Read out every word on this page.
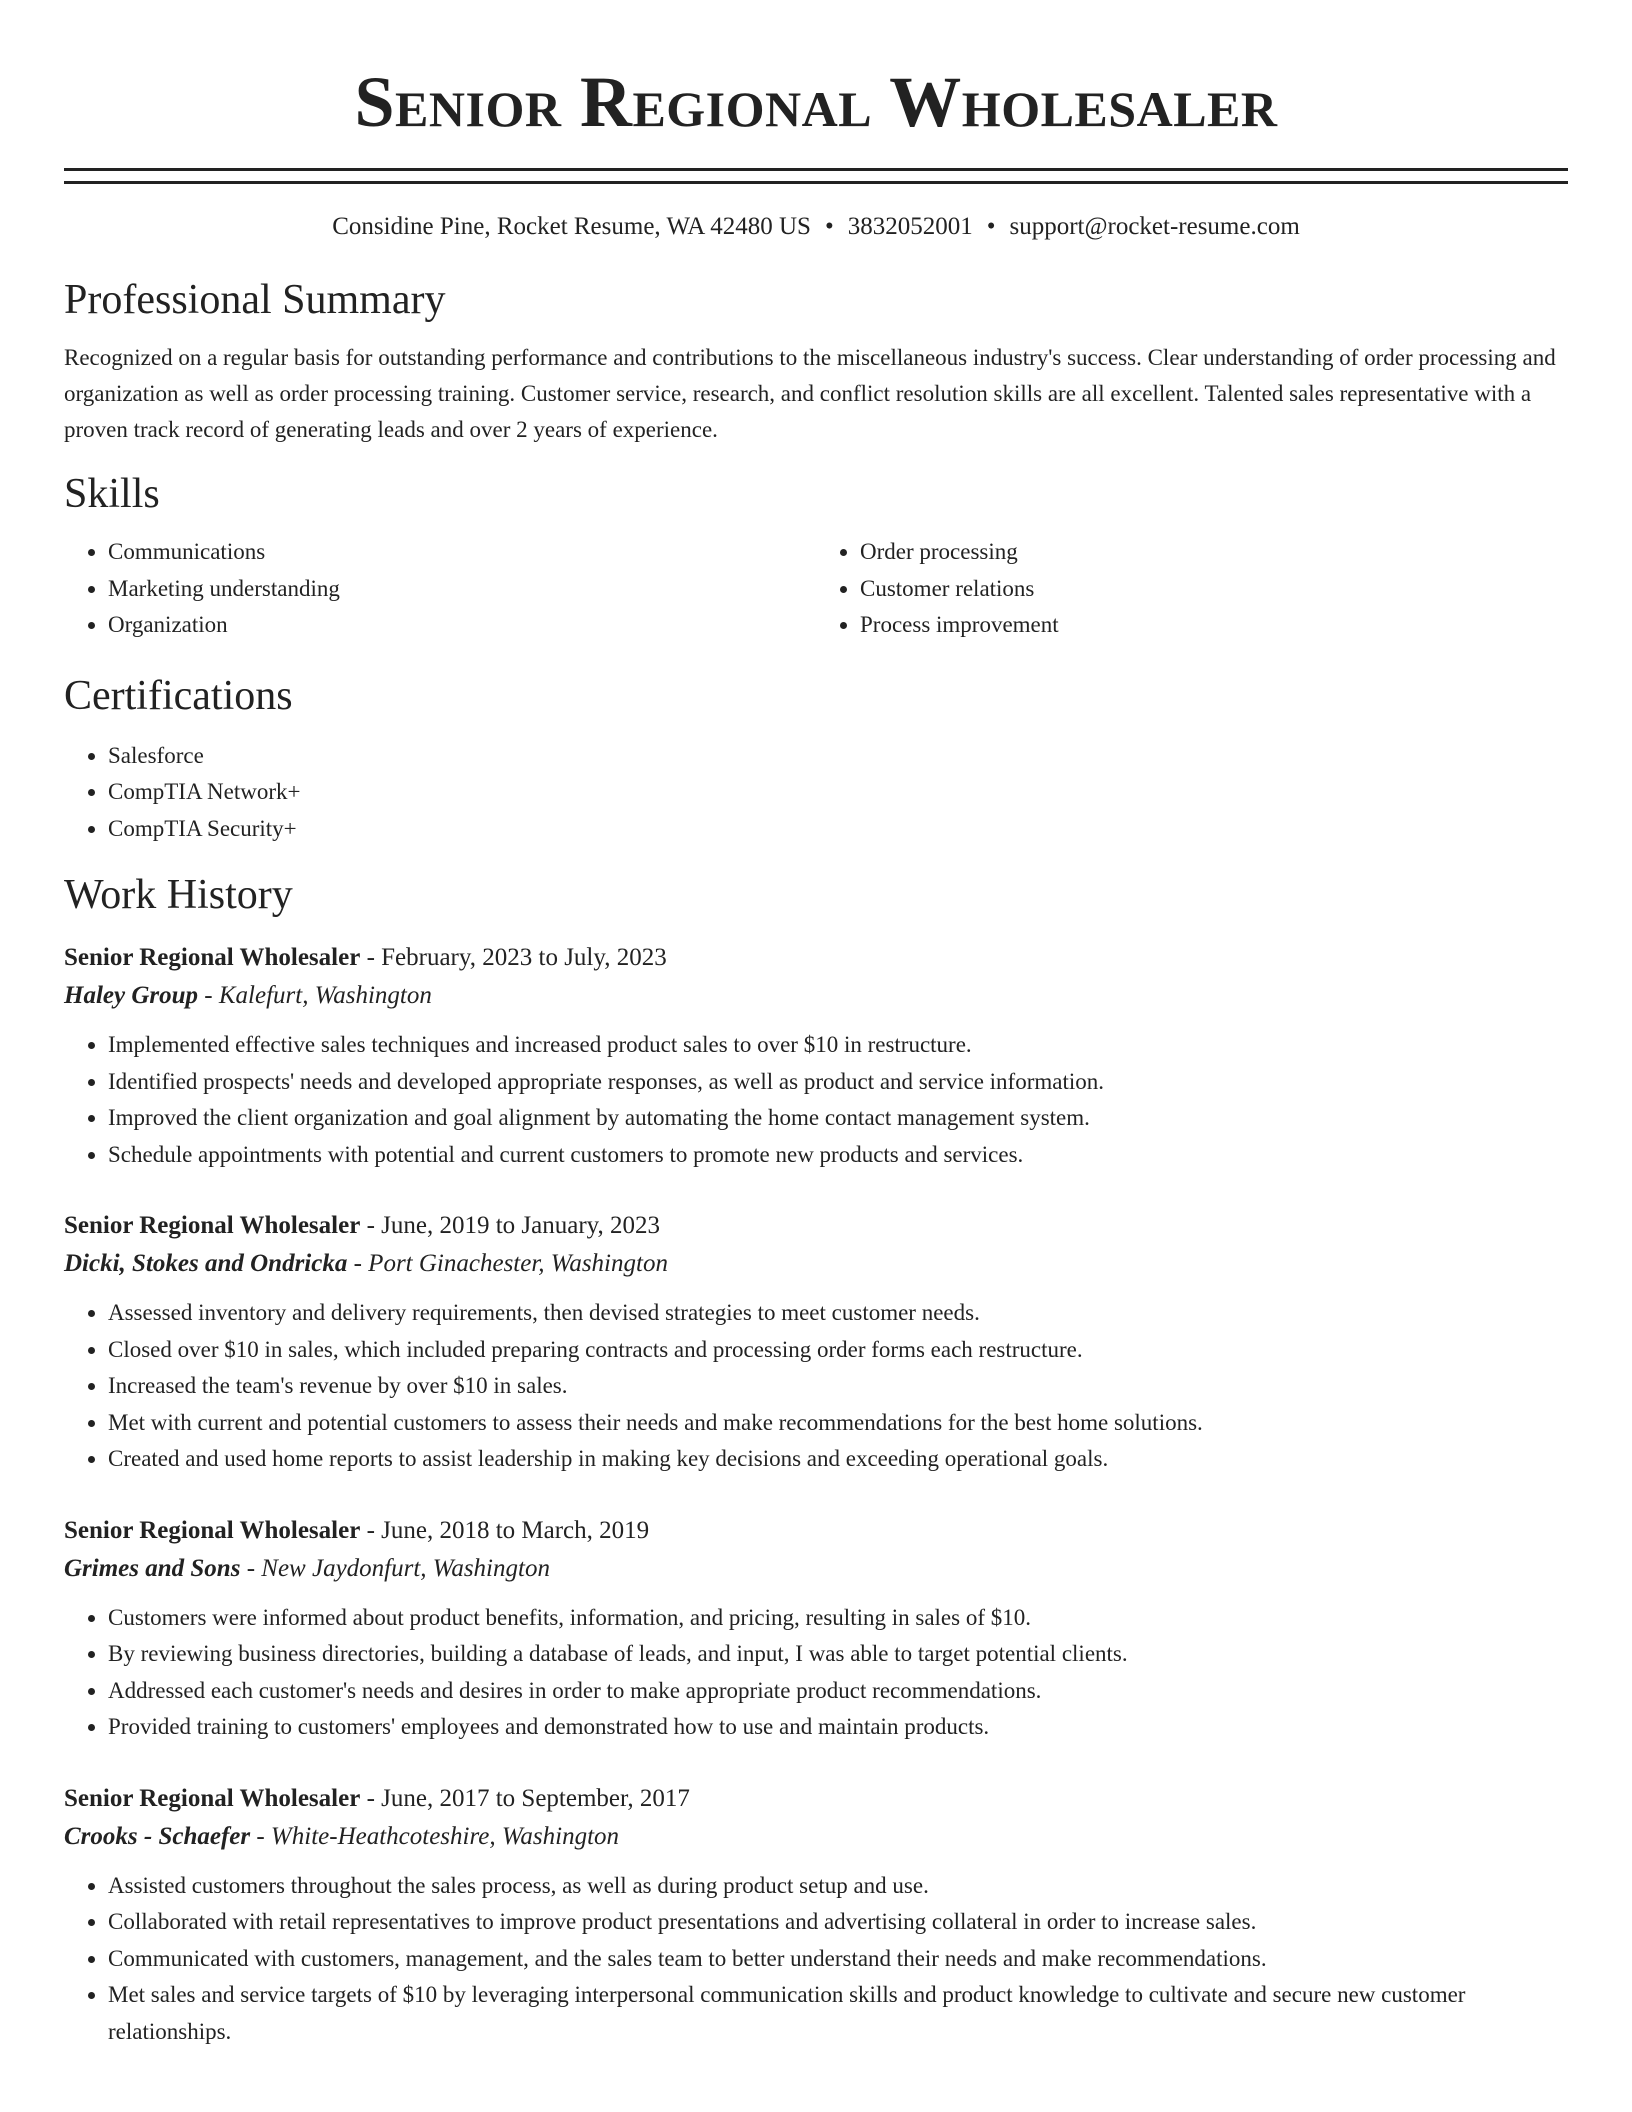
Senior Regional Wholesaler
Considine Pine, Rocket Resume, WA 42480 US • 3832052001 • support@rocket-resume.com
Professional Summary

Recognized on a regular basis for outstanding performance and contributions to the miscellaneous industry's success. Clear understanding of order processing and organization as well as order processing training. Customer service, research, and conflict resolution skills are all excellent. Talented sales representative with a proven track record of generating leads and over 2 years of experience.

Skills
• Communications
• Marketing understanding
• Organization
• Order processing
• Customer relations
• Process improvement
Certifications
• Salesforce
• CompTIA Network+
• CompTIA Security+
Work History
Senior Regional Wholesaler - February, 2023 to July, 2023
Haley Group - Kalefurt, Washington
• Implemented effective sales techniques and increased product sales to over $10 in restructure.
• Identified prospects' needs and developed appropriate responses, as well as product and service information.
• Improved the client organization and goal alignment by automating the home contact management system.
• Schedule appointments with potential and current customers to promote new products and services.
Senior Regional Wholesaler - June, 2019 to January, 2023
Dicki, Stokes and Ondricka - Port Ginachester, Washington
• Assessed inventory and delivery requirements, then devised strategies to meet customer needs.
• Closed over $10 in sales, which included preparing contracts and processing order forms each restructure.
• Increased the team's revenue by over $10 in sales.
• Met with current and potential customers to assess their needs and make recommendations for the best home solutions.
• Created and used home reports to assist leadership in making key decisions and exceeding operational goals.
Senior Regional Wholesaler - June, 2018 to March, 2019
Grimes and Sons - New Jaydonfurt, Washington
• Customers were informed about product benefits, information, and pricing, resulting in sales of $10.
• By reviewing business directories, building a database of leads, and input, I was able to target potential clients.
• Addressed each customer's needs and desires in order to make appropriate product recommendations.
• Provided training to customers' employees and demonstrated how to use and maintain products.
Senior Regional Wholesaler - June, 2017 to September, 2017
Crooks - Schaefer - White-Heathcoteshire, Washington
• Assisted customers throughout the sales process, as well as during product setup and use.
• Collaborated with retail representatives to improve product presentations and advertising collateral in order to increase sales.
• Communicated with customers, management, and the sales team to better understand their needs and make recommendations.
• Met sales and service targets of $10 by leveraging interpersonal communication skills and product knowledge to cultivate and secure new customer relationships.
